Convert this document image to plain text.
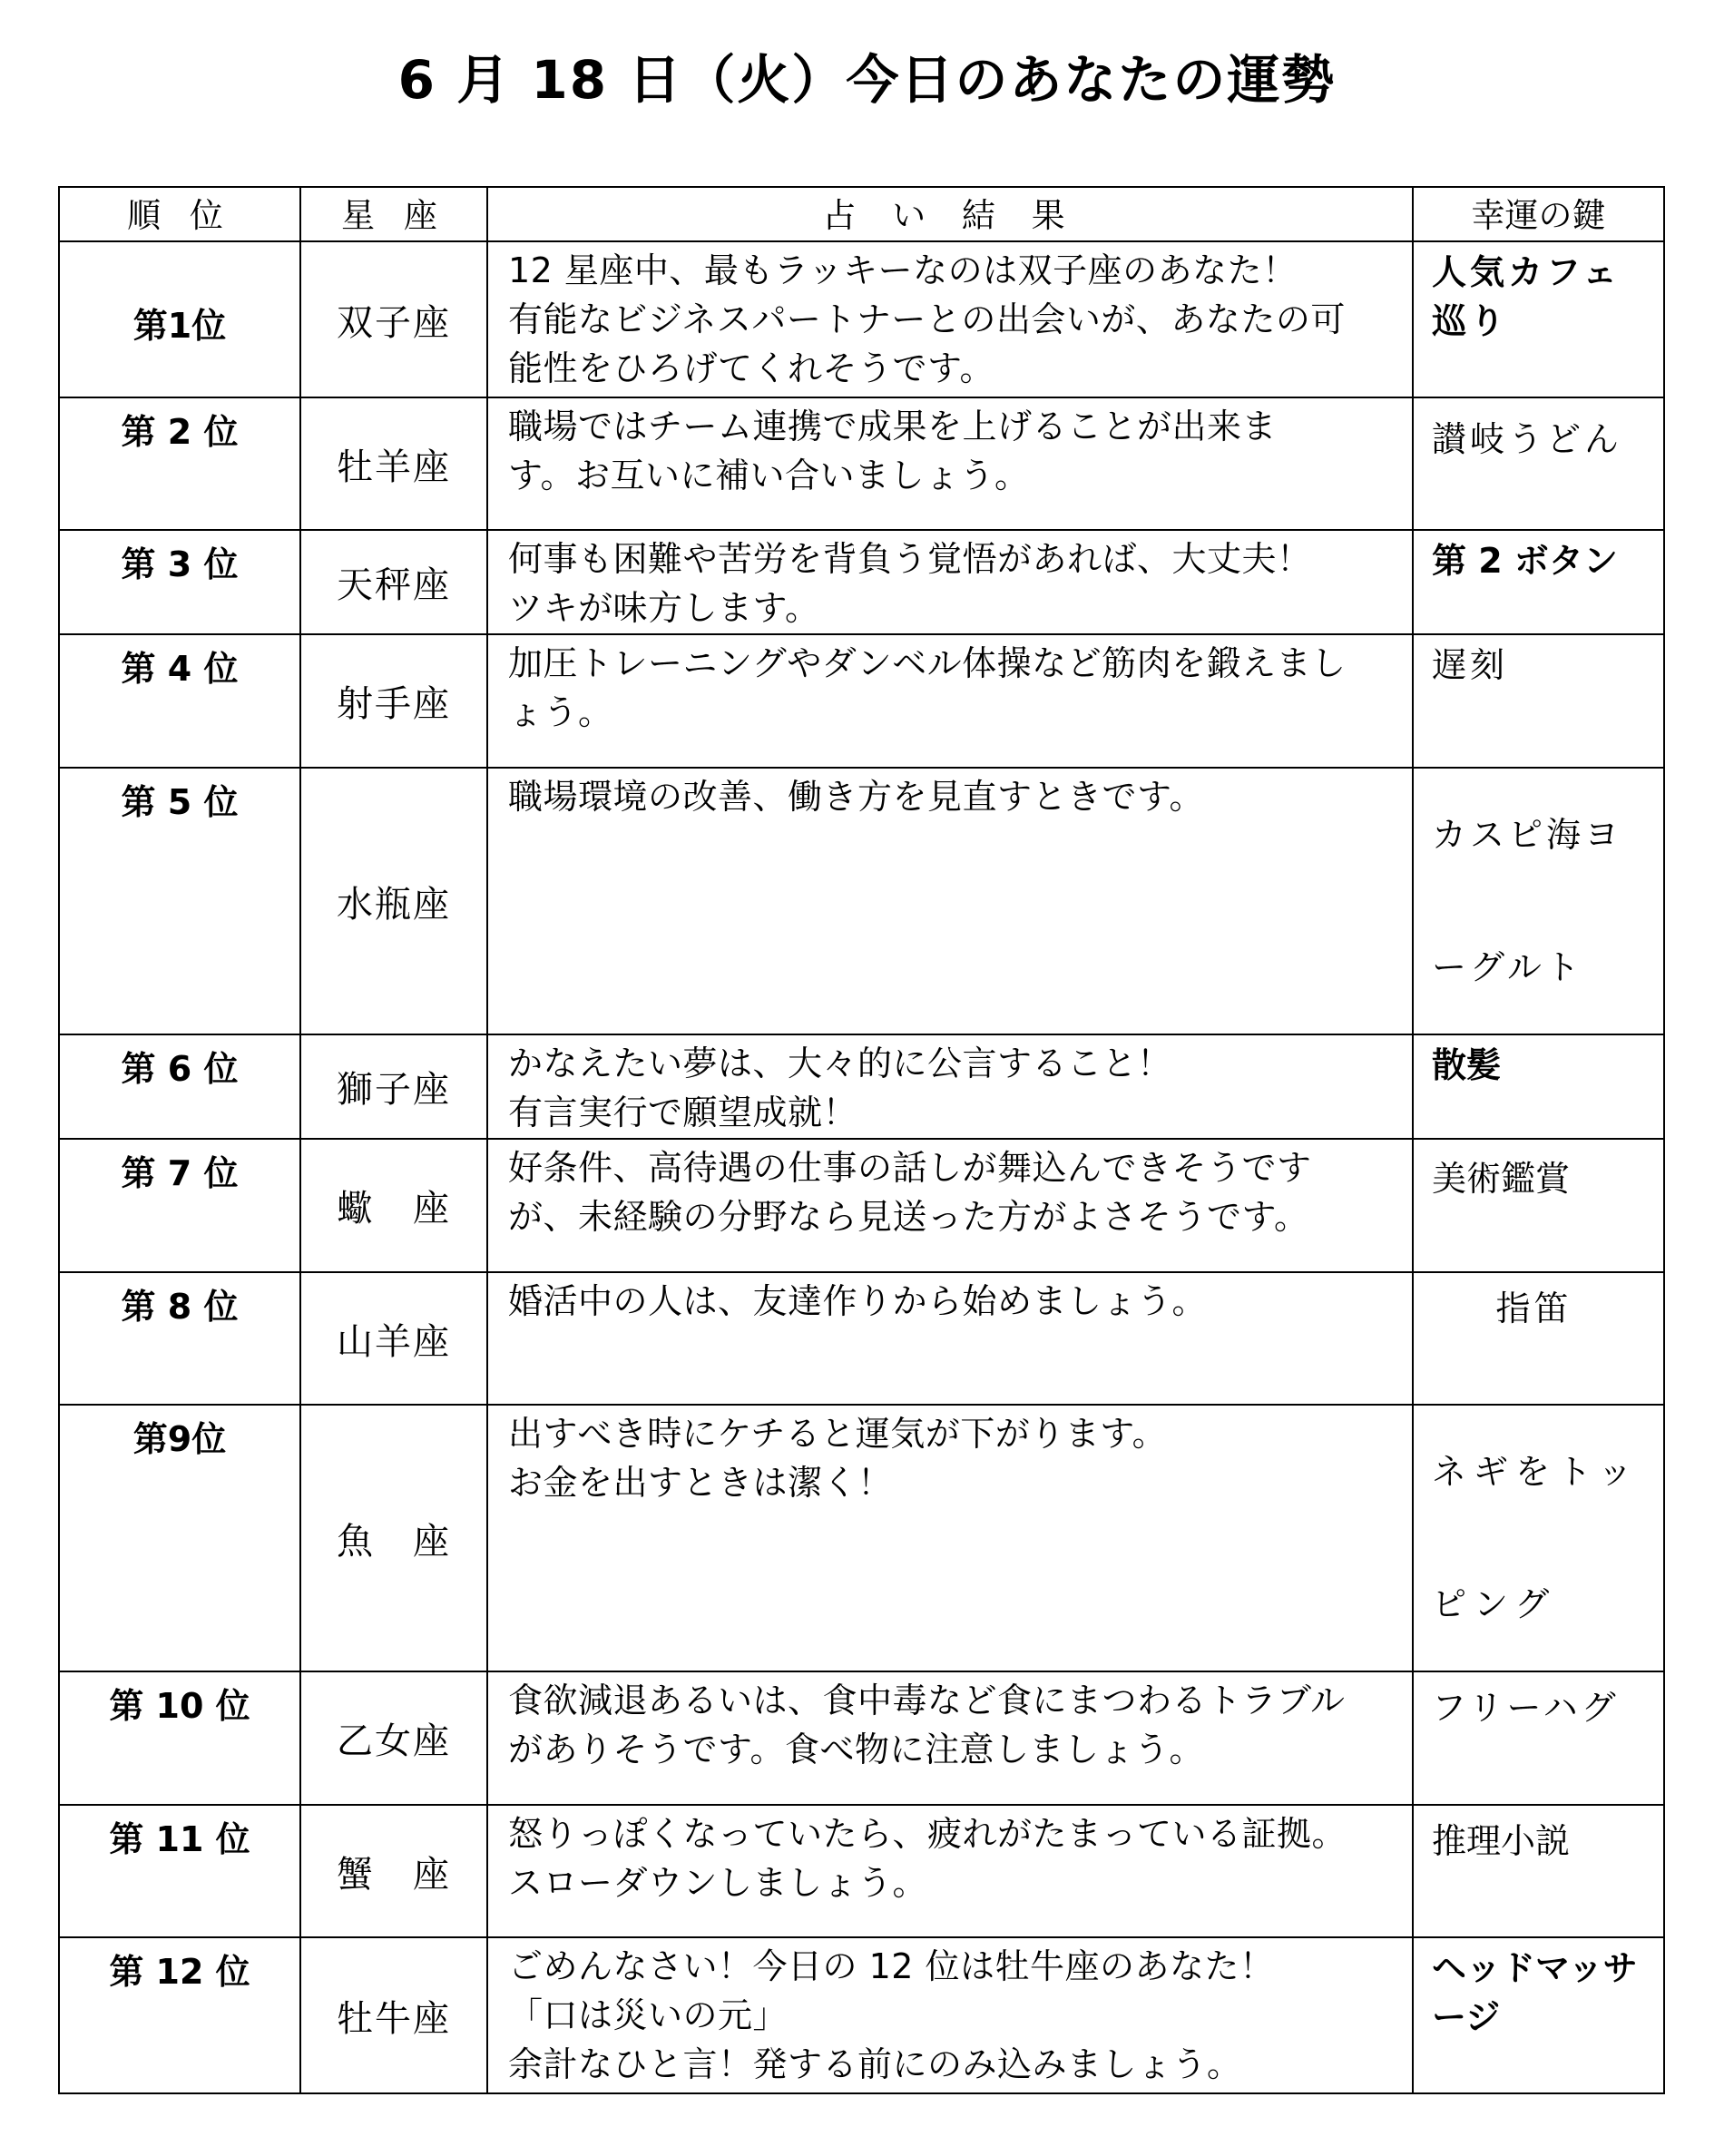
6 月 18 日（火）今日のあなたの運勢
順 位	星 座	占 い 結 果	幸運の鍵
第1位	双子座	12 星座中、最もラッキーなのは双子座のあなた！
有能なビジネスパートナーとの出会いが、あなたの可
能性をひろげてくれそうです。	人気カフェ巡り
第 2 位	牡羊座	職場ではチーム連携で成果を上げることが出来ま
す。お互いに補い合いましょう。	讃岐うどん
第 3 位	天秤座	何事も困難や苦労を背負う覚悟があれば、大丈夫！
ツキが味方します。	第 2 ボタン
第 4 位	射手座	加圧トレーニングやダンベル体操など筋肉を鍛えまし
ょう。	遅刻
第 5 位	水瓶座	職場環境の改善、働き方を見直すときです。	カスピ海ヨーグルト
第 6 位	獅子座	かなえたい夢は、大々的に公言すること！
有言実行で願望成就！	散髪
第 7 位	蠍　座	好条件、高待遇の仕事の話しが舞込んできそうです
が、未経験の分野なら見送った方がよさそうです。	美術鑑賞
第 8 位	山羊座	婚活中の人は、友達作りから始めましょう。	指笛
第9位	魚　座	出すべき時にケチると運気が下がります。
お金を出すときは潔く！	ネギをトッピング
第 10 位	乙女座	食欲減退あるいは、食中毒など食にまつわるトラブル
がありそうです。食べ物に注意しましょう。	フリーハグ
第 11 位	蟹　座	怒りっぽくなっていたら、疲れがたまっている証拠。
スローダウンしましょう。	推理小説
第 12 位	牡牛座	ごめんなさい！今日の 12 位は牡牛座のあなた！
「口は災いの元」
余計なひと言！発する前にのみ込みましょう。	ヘッドマッサージ
